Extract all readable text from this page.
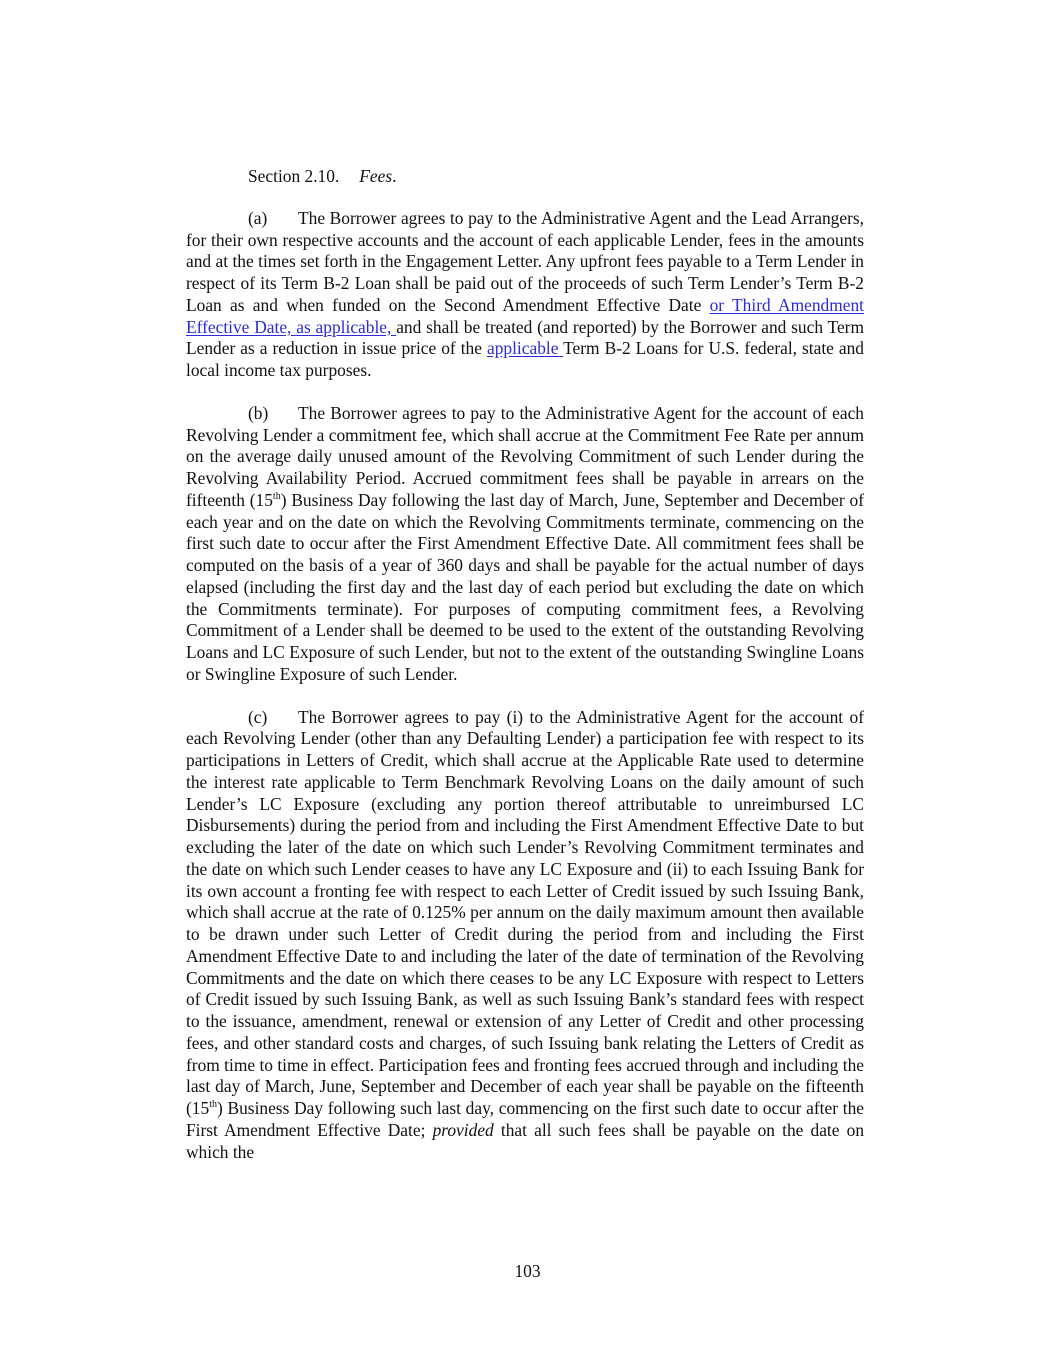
Section 2.10. Fees.

(a) The Borrower agrees to pay to the Administrative Agent and the Lead Arrangers, for their own respective accounts and the account of each applicable Lender, fees in the amounts and at the times set forth in the Engagement Letter. Any upfront fees payable to a Term Lender in respect of its Term B-2 Loan shall be paid out of the proceeds of such Term Lender’s Term B-2 Loan as and when funded on the Second Amendment Effective Date or Third Amendment Effective Date, as applicable, and shall be treated (and reported) by the Borrower and such Term Lender as a reduction in issue price of the applicable Term B-2 Loans for U.S. federal, state and local income tax purposes.

(b) The Borrower agrees to pay to the Administrative Agent for the account of each Revolving Lender a commitment fee, which shall accrue at the Commitment Fee Rate per annum on the average daily unused amount of the Revolving Commitment of such Lender during the Revolving Availability Period. Accrued commitment fees shall be payable in arrears on the fifteenth (15th) Business Day following the last day of March, June, September and December of each year and on the date on which the Revolving Commitments terminate, commencing on the first such date to occur after the First Amendment Effective Date. All commitment fees shall be computed on the basis of a year of 360 days and shall be payable for the actual number of days elapsed (including the first day and the last day of each period but excluding the date on which the Commitments terminate). For purposes of computing commitment fees, a Revolving Commitment of a Lender shall be deemed to be used to the extent of the outstanding Revolving Loans and LC Exposure of such Lender, but not to the extent of the outstanding Swingline Loans or Swingline Exposure of such Lender.

(c) The Borrower agrees to pay (i) to the Administrative Agent for the account of each Revolving Lender (other than any Defaulting Lender) a participation fee with respect to its participations in Letters of Credit, which shall accrue at the Applicable Rate used to determine the interest rate applicable to Term Benchmark Revolving Loans on the daily amount of such Lender’s LC Exposure (excluding any portion thereof attributable to unreimbursed LC Disbursements) during the period from and including the First Amendment Effective Date to but excluding the later of the date on which such Lender’s Revolving Commitment terminates and the date on which such Lender ceases to have any LC Exposure and (ii) to each Issuing Bank for its own account a fronting fee with respect to each Letter of Credit issued by such Issuing Bank, which shall accrue at the rate of 0.125% per annum on the daily maximum amount then available to be drawn under such Letter of Credit during the period from and including the First Amendment Effective Date to and including the later of the date of termination of the Revolving Commitments and the date on which there ceases to be any LC Exposure with respect to Letters of Credit issued by such Issuing Bank, as well as such Issuing Bank’s standard fees with respect to the issuance, amendment, renewal or extension of any Letter of Credit and other processing fees, and other standard costs and charges, of such Issuing bank relating the Letters of Credit as from time to time in effect. Participation fees and fronting fees accrued through and including the last day of March, June, September and December of each year shall be payable on the fifteenth (15th) Business Day following such last day, commencing on the first such date to occur after the First Amendment Effective Date; provided that all such fees shall be payable on the date on which the

103
